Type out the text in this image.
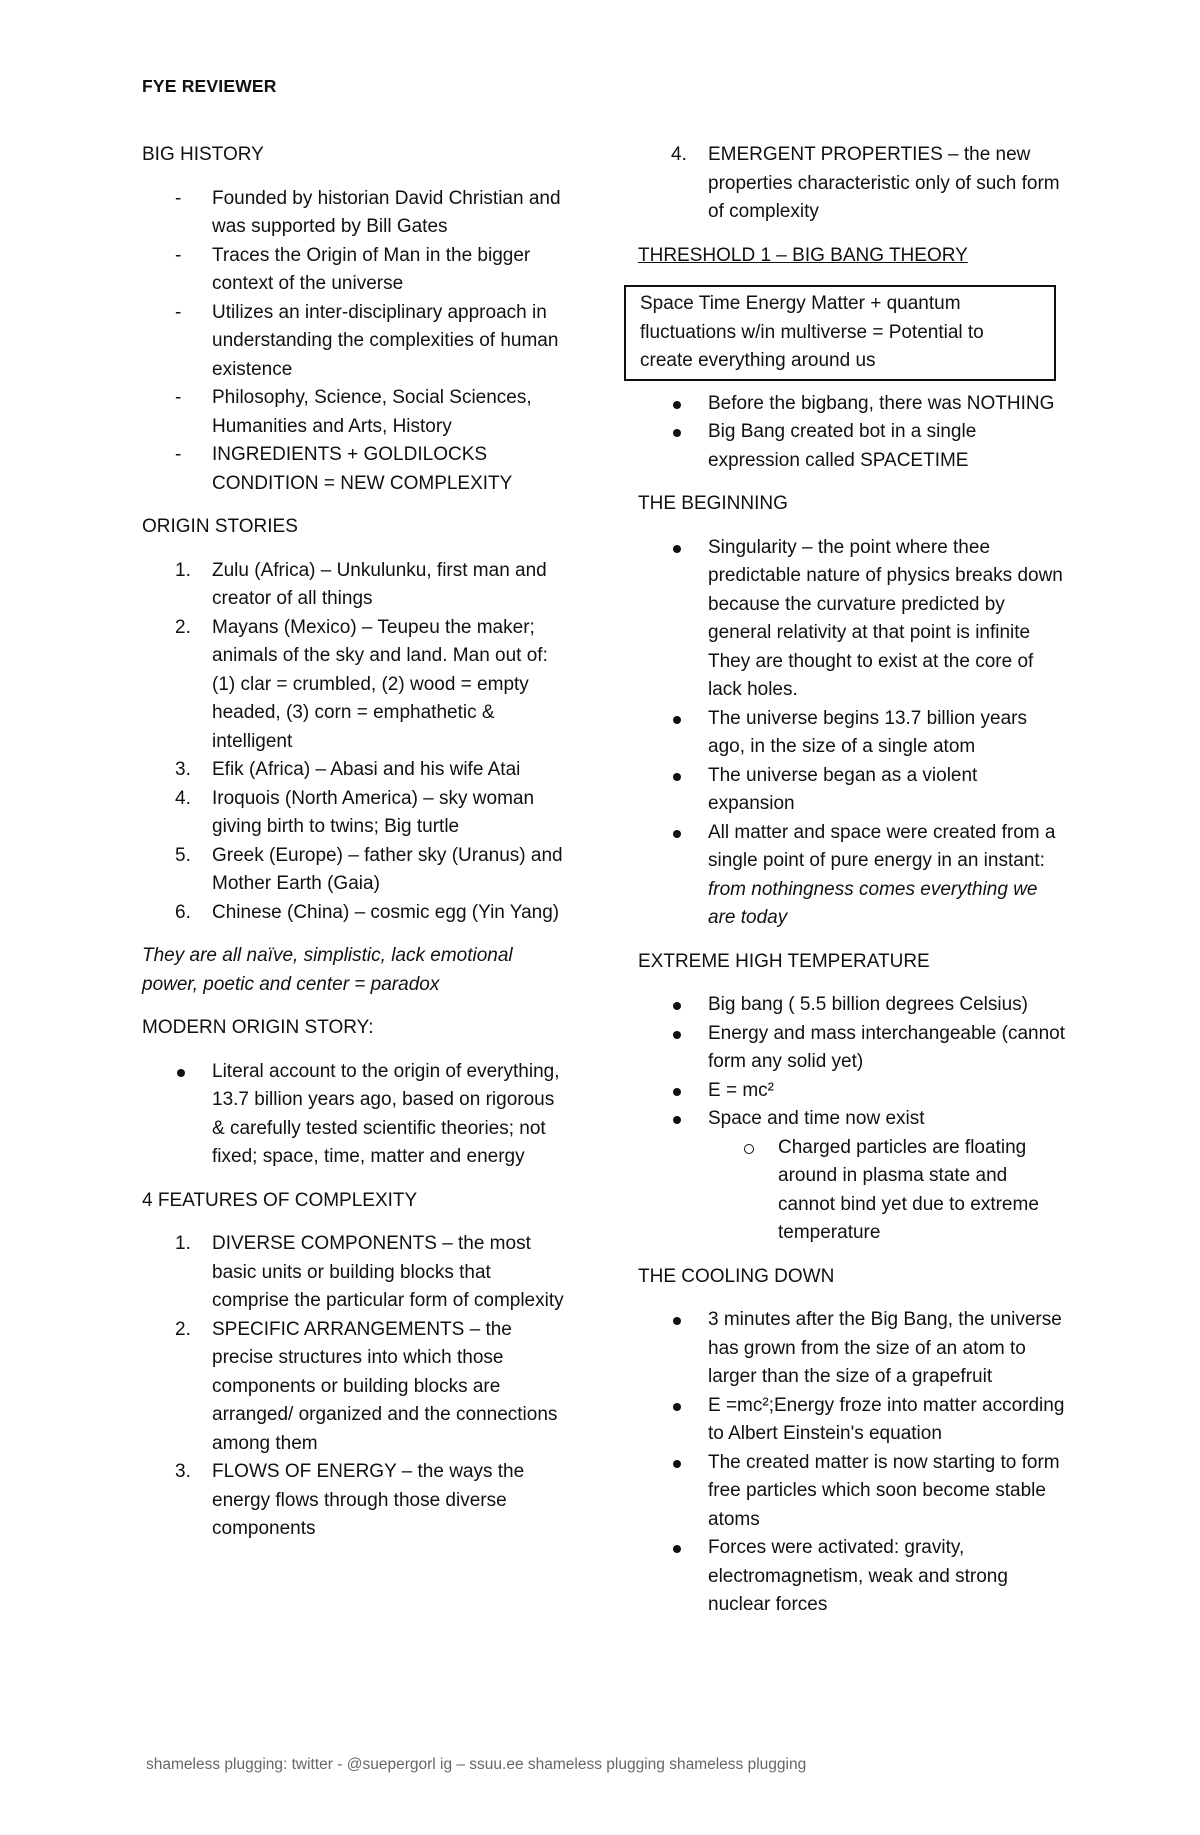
FYE REVIEWER
BIG HISTORY
- Founded by historian David Christian and was supported by Bill Gates
- Traces the Origin of Man in the bigger context of the universe
- Utilizes an inter-disciplinary approach in understanding the complexities of human existence
- Philosophy, Science, Social Sciences, Humanities and Arts, History
- INGREDIENTS + GOLDILOCKS CONDITION = NEW COMPLEXITY
ORIGIN STORIES
1. Zulu (Africa) – Unkulunku, first man and creator of all things
2. Mayans (Mexico) – Teupeu the maker; animals of the sky and land. Man out of: (1) clar = crumbled, (2) wood = empty headed, (3) corn = emphathetic & intelligent
3. Efik (Africa) – Abasi and his wife Atai
4. Iroquois (North America) – sky woman giving birth to twins; Big turtle
5. Greek (Europe) – father sky (Uranus) and Mother Earth (Gaia)
6. Chinese (China) – cosmic egg (Yin Yang)
They are all naïve, simplistic, lack emotional power, poetic and center = paradox
MODERN ORIGIN STORY:
Literal account to the origin of everything, 13.7 billion years ago, based on rigorous & carefully tested scientific theories; not fixed; space, time, matter and energy
4 FEATURES OF COMPLEXITY
1. DIVERSE COMPONENTS – the most basic units or building blocks that comprise the particular form of complexity
2. SPECIFIC ARRANGEMENTS – the precise structures into which those components or building blocks are arranged/ organized and the connections among them
3. FLOWS OF ENERGY – the ways the energy flows through those diverse components
4. EMERGENT PROPERTIES – the new properties characteristic only of such form of complexity
THRESHOLD 1 – BIG BANG THEORY
Space Time Energy Matter + quantum fluctuations w/in multiverse = Potential to create everything around us
Before the bigbang, there was NOTHING
Big Bang created bot in a single expression called SPACETIME
THE BEGINNING
Singularity – the point where thee predictable nature of physics breaks down because the curvature predicted by general relativity at that point is infinite They are thought to exist at the core of lack holes.
The universe begins 13.7 billion years ago, in the size of a single atom
The universe began as a violent expansion
All matter and space were created from a single point of pure energy in an instant: from nothingness comes everything we are today
EXTREME HIGH TEMPERATURE
Big bang ( 5.5 billion degrees Celsius)
Energy and mass interchangeable (cannot form any solid yet)
E = mc²
Space and time now exist
Charged particles are floating around in plasma state and cannot bind yet due to extreme temperature
THE COOLING DOWN
3 minutes after the Big Bang, the universe has grown from the size of an atom to larger than the size of a grapefruit
E =mc²;Energy froze into matter according to Albert Einstein's equation
The created matter is now starting to form free particles which soon become stable atoms
Forces were activated: gravity, electromagnetism, weak and strong nuclear forces
shameless plugging: twitter - @suepergorl ig – ssuu.ee shameless plugging shameless plugging
